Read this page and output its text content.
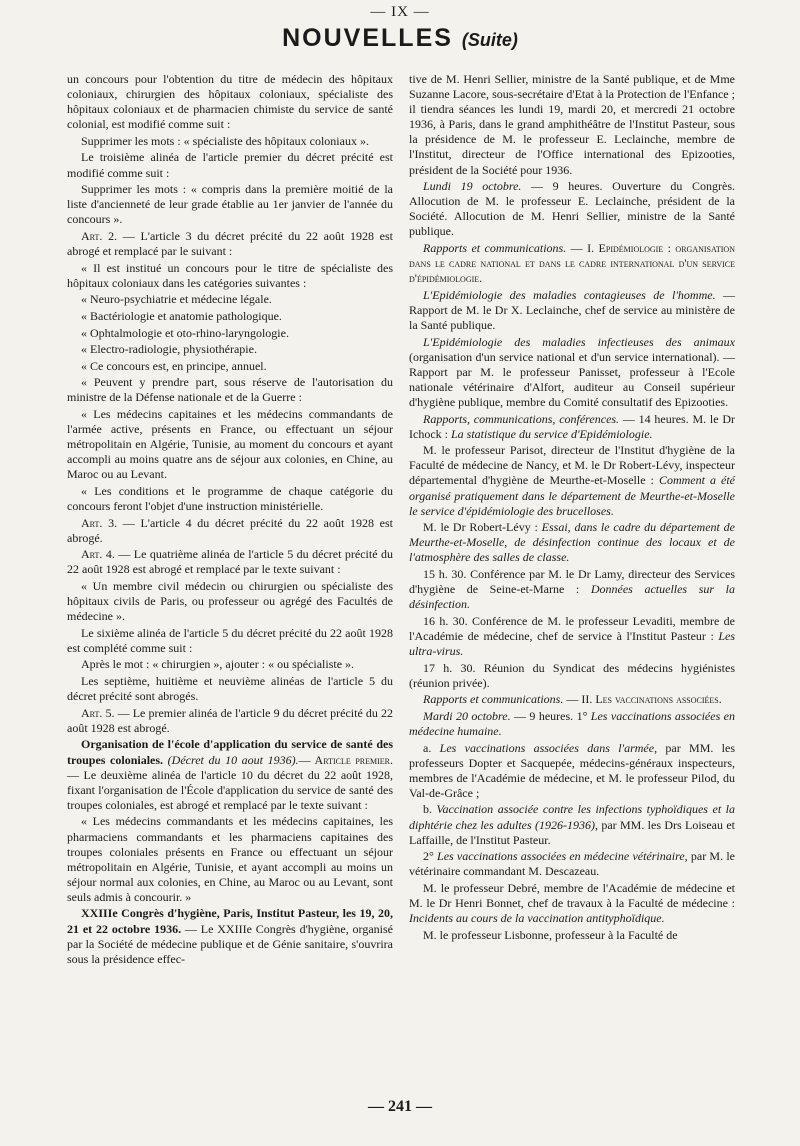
— IX —
NOUVELLES (Suite)

un concours pour l'obtention du titre de médecin des hôpitaux coloniaux, chirurgien des hôpitaux coloniaux, spécialiste des hôpitaux coloniaux et de pharmacien chimiste du service de santé colonial, est modifié comme suit :

Supprimer les mots : « spécialiste des hôpitaux coloniaux ».

Le troisième alinéa de l'article premier du décret précité est modifié comme suit :

Supprimer les mots : « compris dans la première moitié de la liste d'ancienneté de leur grade établie au 1er janvier de l'année du concours ».

Art. 2. — L'article 3 du décret précité du 22 août 1928 est abrogé et remplacé par le suivant :

« Il est institué un concours pour le titre de spécialiste des hôpitaux coloniaux dans les catégories suivantes :

« Neuro-psychiatrie et médecine légale.

« Bactériologie et anatomie pathologique.

« Ophtalmologie et oto-rhino-laryngologie.

« Electro-radiologie, physiothérapie.

« Ce concours est, en principe, annuel.

« Peuvent y prendre part, sous réserve de l'autorisation du ministre de la Défense nationale et de la Guerre :

« Les médecins capitaines et les médecins commandants de l'armée active, présents en France, ou effectuant un séjour métropolitain en Algérie, Tunisie, au moment du concours et ayant accompli au moins quatre ans de séjour aux colonies, en Chine, au Maroc ou au Levant.

« Les conditions et le programme de chaque catégorie du concours feront l'objet d'une instruction ministérielle.

Art. 3. — L'article 4 du décret précité du 22 août 1928 est abrogé.

Art. 4. — Le quatrième alinéa de l'article 5 du décret précité du 22 août 1928 est abrogé et remplacé par le texte suivant :

« Un membre civil médecin ou chirurgien ou spécialiste des hôpitaux civils de Paris, ou professeur ou agrégé des Facultés de médecine ».

Le sixième alinéa de l'article 5 du décret précité du 22 août 1928 est complété comme suit :

Après le mot : « chirurgien », ajouter : « ou spécialiste ».

Les septième, huitième et neuvième alinéas de l'article 5 du décret précité sont abrogés.

Art. 5. — Le premier alinéa de l'article 9 du décret précité du 22 août 1928 est abrogé.

Organisation de l'école d'application du service de santé des troupes coloniales. (Décret du 10 aout 1936).— Article premier. — Le deuxième alinéa de l'article 10 du décret du 22 août 1928, fixant l'organisation de l'École d'application du service de santé des troupes coloniales, est abrogé et remplacé par le texte suivant :

« Les médecins commandants et les médecins capitaines, les pharmaciens commandants et les pharmaciens capitaines des troupes coloniales présents en France ou effectuant un séjour métropolitain en Algérie, Tunisie, et ayant accompli au moins un séjour normal aux colonies, en Chine, au Maroc ou au Levant, sont seuls admis à concourir. »

XXIIIe Congrès d'hygiène, Paris, Institut Pasteur, les 19, 20, 21 et 22 octobre 1936. — Le XXIIIe Congrès d'hygiène, organisé par la Société de médecine publique et de Génie sanitaire, s'ouvrira sous la présidence effec-

tive de M. Henri Sellier, ministre de la Santé publique, et de Mme Suzanne Lacore, sous-secrétaire d'Etat à la Protection de l'Enfance ; il tiendra séances les lundi 19, mardi 20, et mercredi 21 octobre 1936, à Paris, dans le grand amphithéâtre de l'Institut Pasteur, sous la présidence de M. le professeur E. Leclainche, membre de l'Institut, directeur de l'Office international des Epizooties, président de la Société pour 1936.

Lundi 19 octobre. — 9 heures. Ouverture du Congrès. Allocution de M. le professeur E. Leclainche, président de la Société. Allocution de M. Henri Sellier, ministre de la Santé publique.

Rapports et communications. — I. Epidémiologie : organisation dans le cadre national et dans le cadre international d'un service d'épidémiologie.

L'Epidémiologie des maladies contagieuses de l'homme. — Rapport de M. le Dr X. Leclainche, chef de service au ministère de la Santé publique.

L'Epidémiologie des maladies infectieuses des animaux (organisation d'un service national et d'un service international). — Rapport par M. le professeur Panisset, professeur à l'Ecole nationale vétérinaire d'Alfort, auditeur au Conseil supérieur d'hygiène publique, membre du Comité consultatif des Epizooties.

Rapports, communications, conférences. — 14 heures. M. le Dr Ichock : La statistique du service d'Epidémiologie.

M. le professeur Parisot, directeur de l'Institut d'hygiène de la Faculté de médecine de Nancy, et M. le Dr Robert-Lévy, inspecteur départemental d'hygiène de Meurthe-et-Moselle : Comment a été organisé pratiquement dans le département de Meurthe-et-Moselle le service d'épidémiologie des brucelloses.

M. le Dr Robert-Lévy : Essai, dans le cadre du département de Meurthe-et-Moselle, de désinfection continue des locaux et de l'atmosphère des salles de classe.

15 h. 30. Conférence par M. le Dr Lamy, directeur des Services d'hygiène de Seine-et-Marne : Données actuelles sur la désinfection.

16 h. 30. Conférence de M. le professeur Levaditi, membre de l'Académie de médecine, chef de service à l'Institut Pasteur : Les ultra-virus.

17 h. 30. Réunion du Syndicat des médecins hygiénistes (réunion privée).

Rapports et communications. — II. Les vaccinations associées.

Mardi 20 octobre. — 9 heures. 1° Les vaccinations associées en médecine humaine.

a. Les vaccinations associées dans l'armée, par MM. les professeurs Dopter et Sacquepée, médecins-généraux inspecteurs, membres de l'Académie de médecine, et M. le professeur Pilod, du Val-de-Grâce ;

b. Vaccination associée contre les infections typhoïdiques et la diphtérie chez les adultes (1926-1936), par MM. les Drs Loiseau et Laffaille, de l'Institut Pasteur.

2° Les vaccinations associées en médecine vétérinaire, par M. le vétérinaire commandant M. Descazeau.

M. le professeur Debré, membre de l'Académie de médecine et M. le Dr Henri Bonnet, chef de travaux à la Faculté de médecine : Incidents au cours de la vaccination antityphoïdique.

M. le professeur Lisbonne, professeur à la Faculté de

— 241 —
